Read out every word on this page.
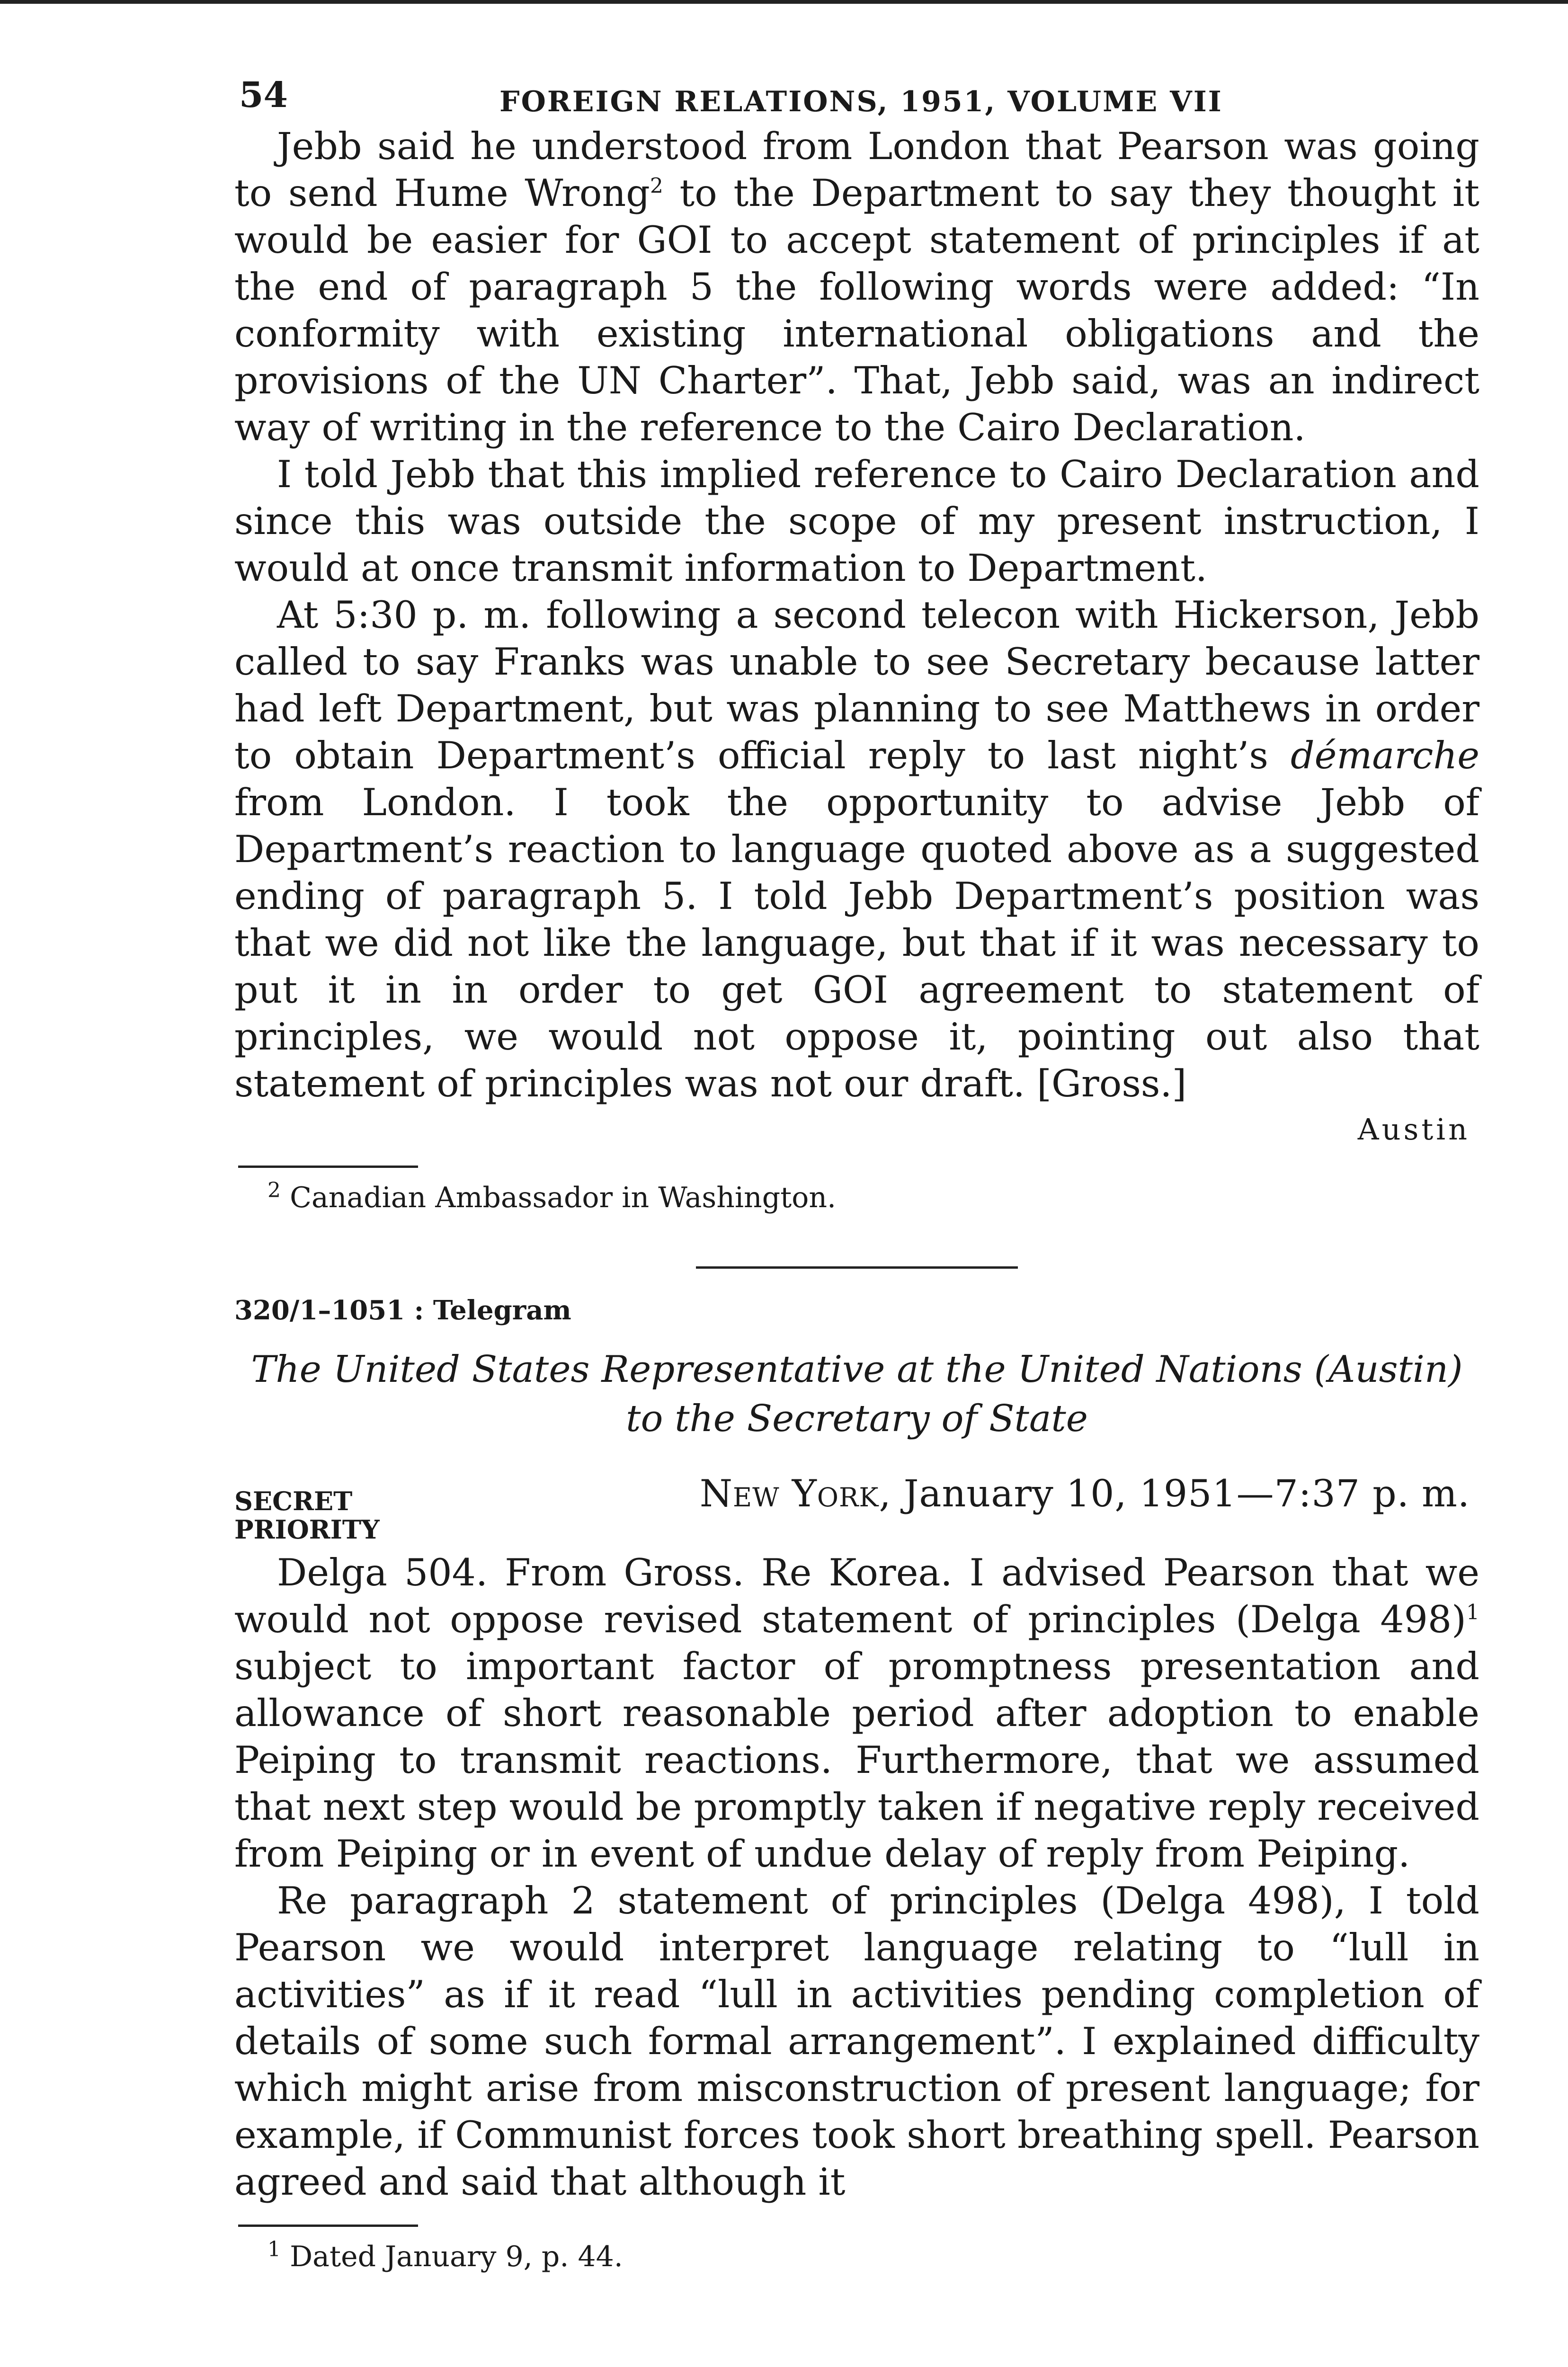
54	FOREIGN RELATIONS, 1951, VOLUME VII

Jebb said he understood from London that Pearson was going to send Hume Wrong$^2$ to the Department to say they thought it would be easier for GOI to accept statement of principles if at the end of paragraph 5 the following words were added: “In conformity with existing international obligations and the provisions of the UN Charter”. That, Jebb said, was an indirect way of writing in the reference to the Cairo Declaration.

I told Jebb that this implied reference to Cairo Declaration and since this was outside the scope of my present instruction, I would at once transmit information to Department.

At 5:30 p. m. following a second telecon with Hickerson, Jebb called to say Franks was unable to see Secretary because latter had left Department, but was planning to see Matthews in order to obtain Department’s official reply to last night’s démarche from London. I took the opportunity to advise Jebb of Department’s reaction to language quoted above as a suggested ending of paragraph 5. I told Jebb Department’s position was that we did not like the language, but that if it was necessary to put it in in order to get GOI agreement to statement of principles, we would not oppose it, pointing out also that statement of principles was not our draft. [Gross.]

Austin
$^2$ Canadian Ambassador in Washington.
320/1–1051 : Telegram
The United States Representative at the United Nations (Austin)
to the Secretary of State
SECRET	New York, January 10, 1951—7:37 p. m.
PRIORITY

Delga 504. From Gross. Re Korea. I advised Pearson that we would not oppose revised statement of principles (Delga 498)$^1$ subject to important factor of promptness presentation and allowance of short reasonable period after adoption to enable Peiping to transmit reactions. Furthermore, that we assumed that next step would be promptly taken if negative reply received from Peiping or in event of undue delay of reply from Peiping.

Re paragraph 2 statement of principles (Delga 498), I told Pearson we would interpret language relating to “lull in activities” as if it read “lull in activities pending completion of details of some such formal arrangement”. I explained difficulty which might arise from misconstruction of present language; for example, if Communist forces took short breathing spell. Pearson agreed and said that although it

$^1$ Dated January 9, p. 44.
